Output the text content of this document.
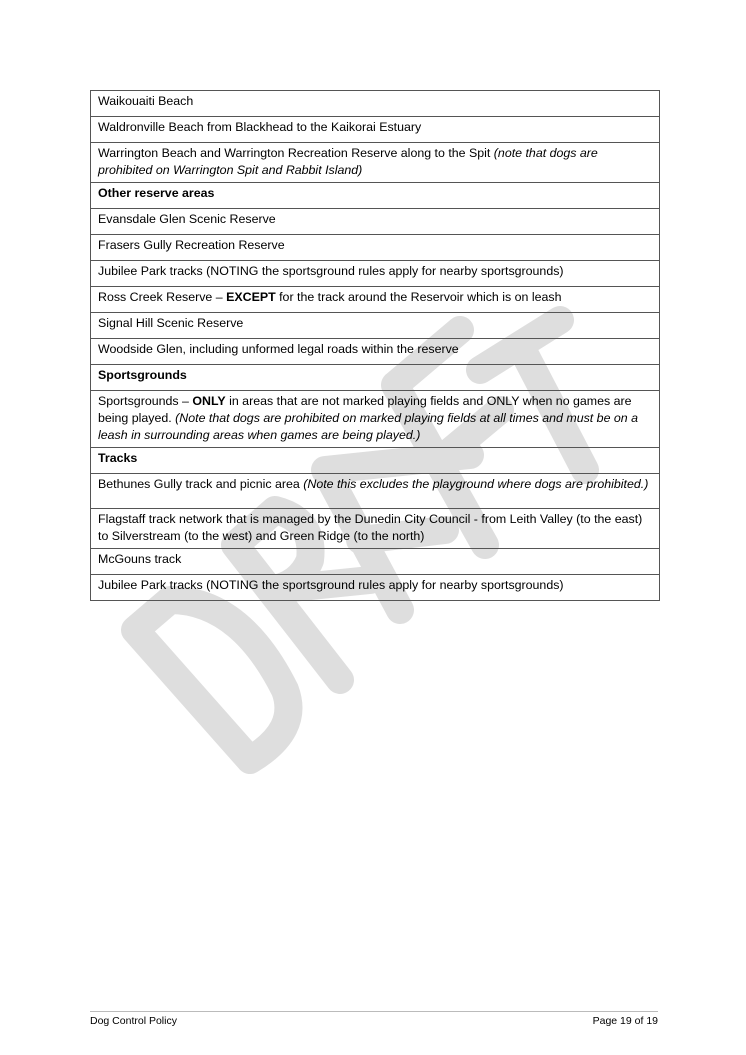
Waikouaiti Beach
Waldronville Beach from Blackhead to the Kaikorai Estuary
Warrington Beach and Warrington Recreation Reserve along to the Spit (note that dogs are prohibited on Warrington Spit and Rabbit Island)
Other reserve areas
Evansdale Glen Scenic Reserve
Frasers Gully Recreation Reserve
Jubilee Park tracks (NOTING the sportsground rules apply for nearby sportsgrounds)
Ross Creek Reserve – EXCEPT for the track around the Reservoir which is on leash
Signal Hill Scenic Reserve
Woodside Glen, including unformed legal roads within the reserve
Sportsgrounds
Sportsgrounds – ONLY in areas that are not marked playing fields and ONLY when no games are being played. (Note that dogs are prohibited on marked playing fields at all times and must be on a leash in surrounding areas when games are being played.)
Tracks
Bethunes Gully track and picnic area (Note this excludes the playground where dogs are prohibited.)
Flagstaff track network that is managed by the Dunedin City Council - from Leith Valley (to the east) to Silverstream (to the west) and Green Ridge (to the north)
McGouns track
Jubilee Park tracks (NOTING the sportsground rules apply for nearby sportsgrounds)
Dog Control Policy	Page 19 of 19
